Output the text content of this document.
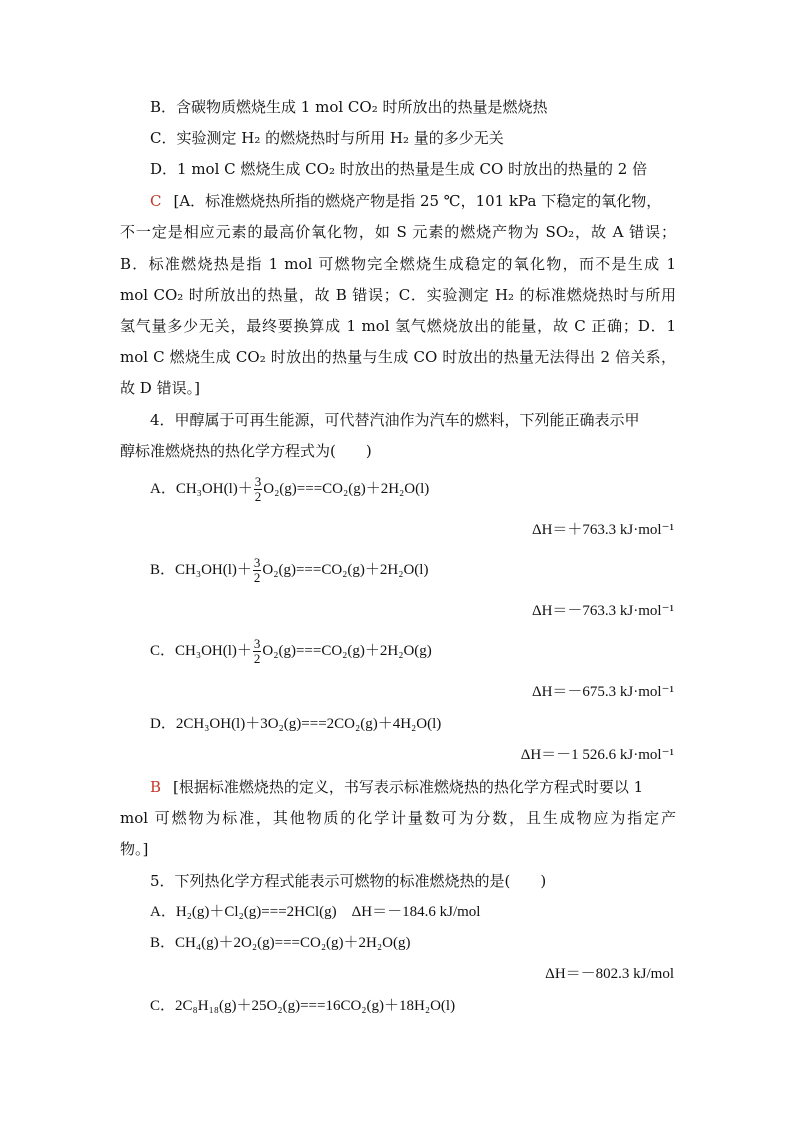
B．含碳物质燃烧生成 1 mol CO₂ 时所放出的热量是燃烧热
C．实验测定 H₂ 的燃烧热时与所用 H₂ 量的多少无关
D．1 mol C 燃烧生成 CO₂ 时放出的热量是生成 CO 时放出的热量的 2 倍
C [A．标准燃烧热所指的燃烧产物是指 25 ℃，101 kPa 下稳定的氧化物，
不一定是相应元素的最高价氧化物，如 S 元素的燃烧产物为 SO₂，故 A 错误；
B．标准燃烧热是指 1 mol 可燃物完全燃烧生成稳定的氧化物，而不是生成 1
mol CO₂ 时所放出的热量，故 B 错误；C．实验测定 H₂ 的标准燃烧热时与所用
氢气量多少无关，最终要换算成 1 mol 氢气燃烧放出的能量，故 C 正确；D．1
mol C 燃烧生成 CO₂ 时放出的热量与生成 CO 时放出的热量无法得出 2 倍关系，
故 D 错误。]
4．甲醇属于可再生能源，可代替汽油作为汽车的燃料，下列能正确表示甲
醇标准燃烧热的热化学方程式为(　　)
A．$CH_3OH(l)+ \frac{3}{2} O_2(g)===CO_2(g)+2H_2O(l)$
ΔH＝＋763.3 kJ·mol⁻¹
B．$CH_3OH(l)+ \frac{3}{2} O_2(g)===CO_2(g)+2H_2O(l)$
ΔH＝－763.3 kJ·mol⁻¹
C．$CH_3OH(l)+ \frac{3}{2} O_2(g)===CO_2(g)+2H_2O(g)$
ΔH＝－675.3 kJ·mol⁻¹
D．2CH₃OH(l)＋3O₂(g)===2CO₂(g)＋4H₂O(l)
ΔH＝－1 526.6 kJ·mol⁻¹
B [根据标准燃烧热的定义，书写表示标准燃烧热的热化学方程式时要以 1
mol 可燃物为标准，其他物质的化学计量数可为分数，且生成物应为指定产
物。]
5．下列热化学方程式能表示可燃物的标准燃烧热的是(　　)
A．H₂(g)＋Cl₂(g)===2HCl(g)　ΔH＝－184.6 kJ/mol
B．CH₄(g)＋2O₂(g)===CO₂(g)＋2H₂O(g)
ΔH＝－802.3 kJ/mol
C．2C₈H₁₈(g)＋25O₂(g)===16CO₂(g)＋18H₂O(l)
